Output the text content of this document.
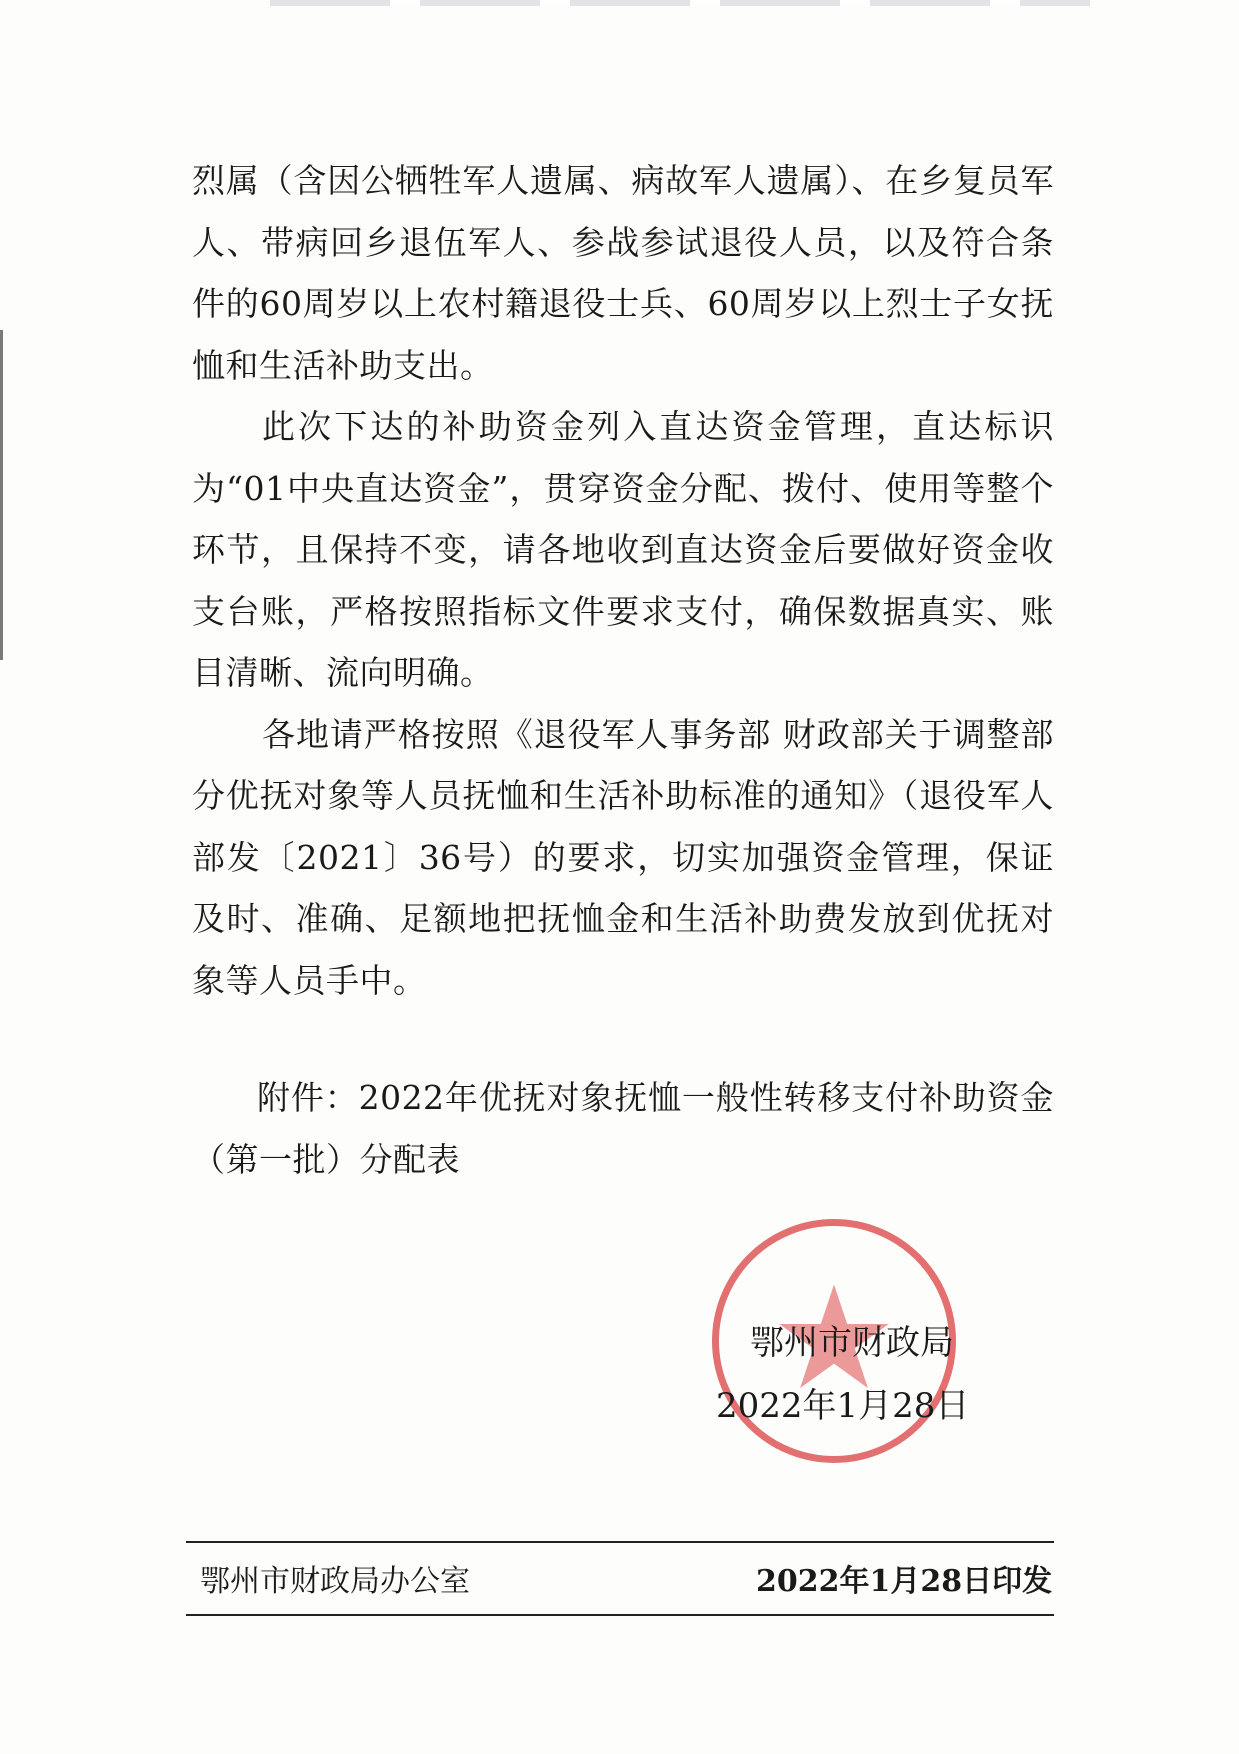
烈属（含因公牺牲军人遗属、病故军人遗属）、在乡复员军人、带病回乡退伍军人、参战参试退役人员，以及符合条件的60周岁以上农村籍退役士兵、60周岁以上烈士子女抚恤和生活补助支出。

此次下达的补助资金列入直达资金管理，直达标识为“01中央直达资金”，贯穿资金分配、拨付、使用等整个环节，且保持不变，请各地收到直达资金后要做好资金收支台账，严格按照指标文件要求支付，确保数据真实、账目清晰、流向明确。

各地请严格按照《退役军人事务部 财政部关于调整部分优抚对象等人员抚恤和生活补助标准的通知》（退役军人部发〔2021〕36号）的要求，切实加强资金管理，保证及时、准确、足额地把抚恤金和生活补助费发放到优抚对象等人员手中。

附件：2022年优抚对象抚恤一般性转移支付补助资金（第一批）分配表

鄂州市财政局
2022年1月28日
鄂州市财政局办公室	2022年1月28日印发
